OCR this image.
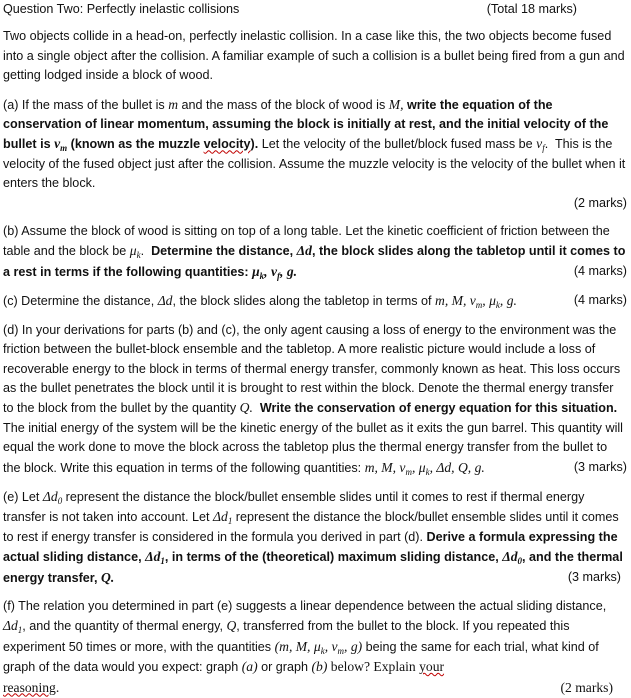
Question Two: Perfectly inelastic collisions	(Total 18 marks)

Two objects collide in a head-on, perfectly inelastic collision. In a case like this, the two objects become fused into a single object after the collision. A familiar example of such a collision is a bullet being fired from a gun and getting lodged inside a block of wood.

(a) If the mass of the bullet is m and the mass of the block of wood is M, write the equation of the conservation of linear momentum, assuming the block is initially at rest, and the initial velocity of the bullet is $v_m$ (known as the muzzle velocity). Let the velocity of the bullet/block fused mass be $v_f$.  This is the velocity of the fused object just after the collision. Assume the muzzle velocity is the velocity of the bullet when it enters the block.
(2 marks)
(b) Assume the block of wood is sitting on top of a long table. Let the kinetic coefficient of friction between the table and the block be $\mu_k$.  Determine the distance, Δd, the block slides along the tabletop until it comes to a rest in terms if the following quantities: $\mu_k$, $v_f$, g.	(4 marks)
(c) Determine the distance, Δd, the block slides along the tabletop in terms of m, M, $v_m$, $\mu_k$, g.	(4 marks)
(d) In your derivations for parts (b) and (c), the only agent causing a loss of energy to the environment was the friction between the bullet-block ensemble and the tabletop. A more realistic picture would include a loss of recoverable energy to the block in terms of thermal energy transfer, commonly known as heat. This loss occurs as the bullet penetrates the block until it is brought to rest within the block. Denote the thermal energy transfer to the block from the bullet by the quantity Q. Write the conservation of energy equation for this situation. The initial energy of the system will be the kinetic energy of the bullet as it exits the gun barrel. This quantity will equal the work done to move the block across the tabletop plus the thermal energy transfer from the bullet to the block. Write this equation in terms of the following quantities: m, M, $v_m$, $\mu_k$, Δd, Q, g.	(3 marks)
(e) Let $\Delta d_0$ represent the distance the block/bullet ensemble slides until it comes to rest if thermal energy transfer is not taken into account. Let $\Delta d_1$ represent the distance the block/bullet ensemble slides until it comes to rest if energy transfer is considered in the formula you derived in part (d). Derive a formula expressing the actual sliding distance, $\Delta d_1$, in terms of the (theoretical) maximum sliding distance, $\Delta d_0$, and the thermal energy transfer, Q.	(3 marks)
(f) The relation you determined in part (e) suggests a linear dependence between the actual sliding distance, $\Delta d_1$, and the quantity of thermal energy, Q, transferred from the bullet to the block. If you repeated this experiment 50 times or more, with the quantities (m, M, $\mu_k$, $v_m$, g) being the same for each trial, what kind of graph of the data would you expect: graph (a) or graph (b) below? Explain your
reasoning.	(2 marks)
